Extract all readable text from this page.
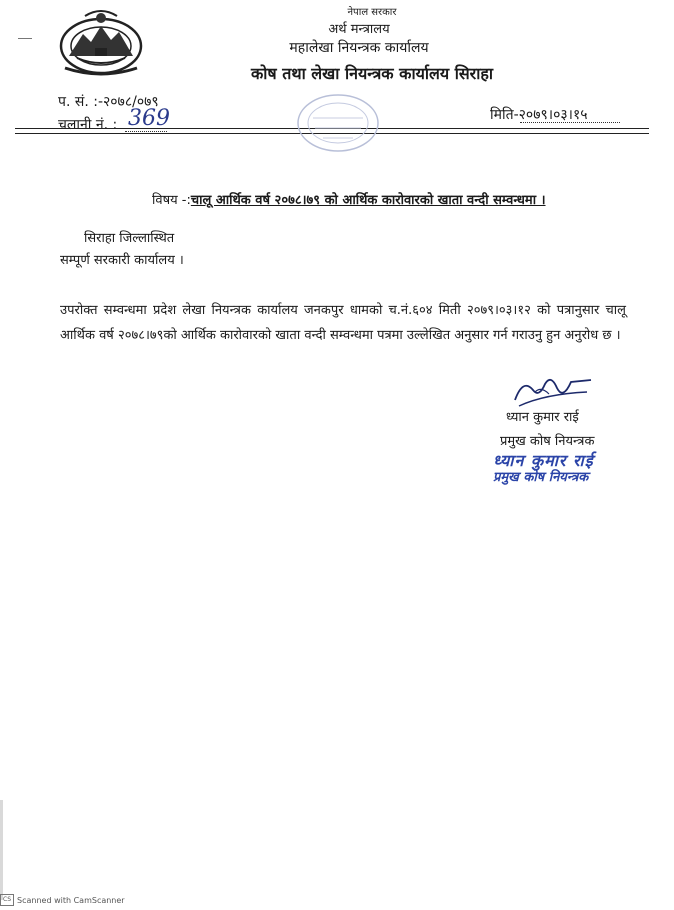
नेपाल सरकार
अर्थ मन्त्रालय
महालेखा नियन्त्रक कार्यालय
कोष तथा लेखा नियन्त्रक कार्यालय सिराहा
प. सं. :-२०७८/०७९
चलानी नं. : 369	मिति-२०७९।०३।१५
विषय -:चालू आर्थिक वर्ष २०७८।७९ को आर्थिक कारोवारको खाता वन्दी सम्वन्धमा ।
सिराहा जिल्लास्थित
सम्पूर्ण सरकारी कार्यालय ।
उपरोक्त सम्वन्धमा प्रदेश लेखा नियन्त्रक कार्यालय जनकपुर धामको च.नं.६०४ मिती २०७९।०३।१२ को पत्रानुसार चालू आर्थिक वर्ष २०७८।७९को आर्थिक कारोवारको खाता वन्दी सम्वन्धमा पत्रमा उल्लेखित अनुसार गर्न गराउनु हुन अनुरोध छ ।
ध्यान कुमार राई
प्रमुख कोष नियन्त्रक
ध्यान कुमार राई
प्रमुख कोष नियन्त्रक
CS Scanned with CamScanner
